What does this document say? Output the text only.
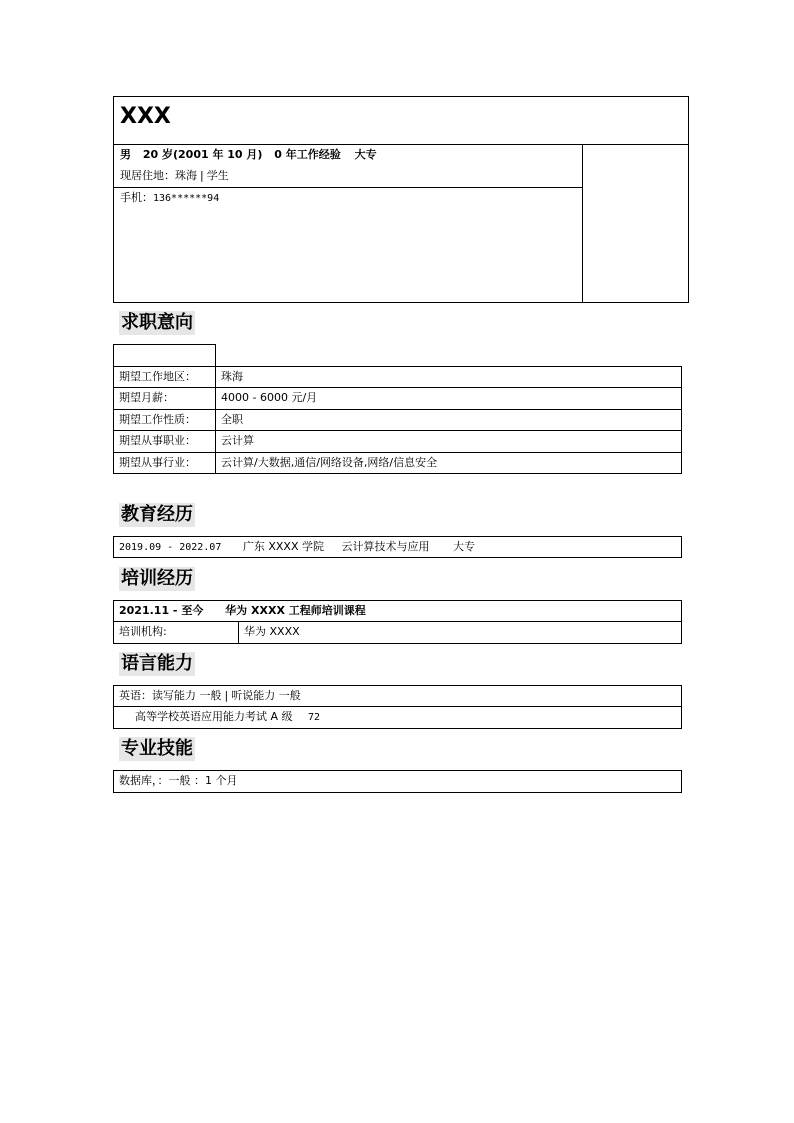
XXX
男 20 岁(2001 年 10 月) 0 年工作经验 大专
现居住地：珠海 | 学生
手机：136******94
求职意向
期望工作地区： 珠海
期望月薪：	4000 - 6000 元/月
期望工作性质： 全职
期望从事职业： 云计算
期望从事行业： 云计算/大数据,通信/网络设备,网络/信息安全
教育经历
2019.09 - 2022.07 广东 XXXX 学院 云计算技术与应用 大专
培训经历
2021.11 - 至今 华为 XXXX 工程师培训课程
培训机构:	华为 XXXX
语言能力
英语：读写能力 一般 | 听说能力 一般
高等学校英语应用能力考试 A 级 72
专业技能
数据库，：一般 ：1 个月
